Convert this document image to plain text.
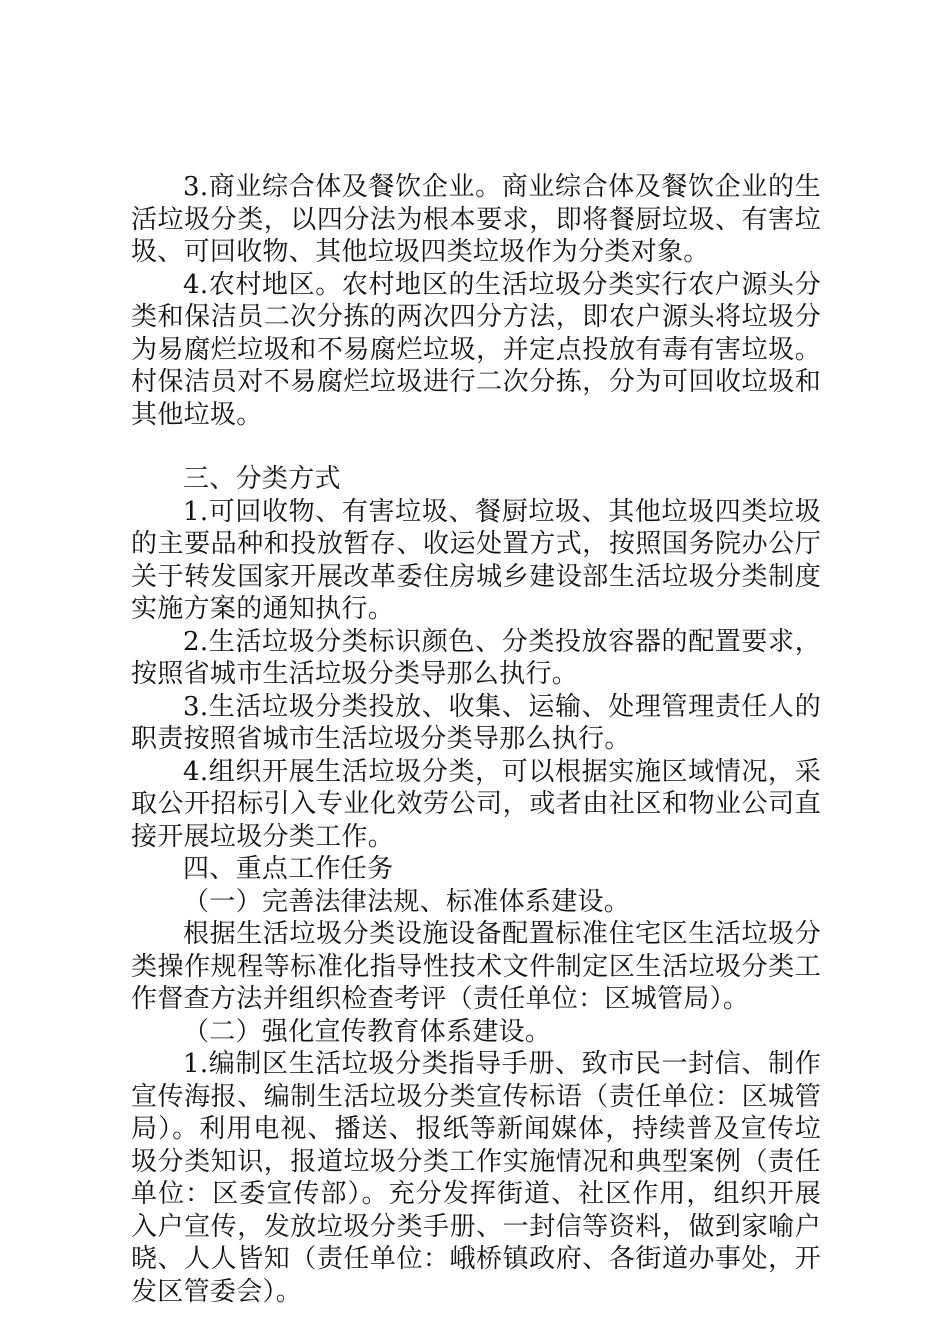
3.商业综合体及餐饮企业。商业综合体及餐饮企业的生活垃圾分类，以四分法为根本要求，即将餐厨垃圾、有害垃圾、可回收物、其他垃圾四类垃圾作为分类对象。

4.农村地区。农村地区的生活垃圾分类实行农户源头分类和保洁员二次分拣的两次四分方法，即农户源头将垃圾分为易腐烂垃圾和不易腐烂垃圾，并定点投放有毒有害垃圾。村保洁员对不易腐烂垃圾进行二次分拣，分为可回收垃圾和其他垃圾。

三、分类方式

1.可回收物、有害垃圾、餐厨垃圾、其他垃圾四类垃圾的主要品种和投放暂存、收运处置方式，按照国务院办公厅关于转发国家开展改革委住房城乡建设部生活垃圾分类制度实施方案的通知执行。

2.生活垃圾分类标识颜色、分类投放容器的配置要求，按照省城市生活垃圾分类导那么执行。

3.生活垃圾分类投放、收集、运输、处理管理责任人的职责按照省城市生活垃圾分类导那么执行。

4.组织开展生活垃圾分类，可以根据实施区域情况，采取公开招标引入专业化效劳公司，或者由社区和物业公司直接开展垃圾分类工作。

四、重点工作任务

（一）完善法律法规、标准体系建设。

根据生活垃圾分类设施设备配置标准住宅区生活垃圾分类操作规程等标准化指导性技术文件制定区生活垃圾分类工作督查方法并组织检查考评（责任单位：区城管局）。

（二）强化宣传教育体系建设。

1.编制区生活垃圾分类指导手册、致市民一封信、制作宣传海报、编制生活垃圾分类宣传标语（责任单位：区城管局）。利用电视、播送、报纸等新闻媒体，持续普及宣传垃圾分类知识，报道垃圾分类工作实施情况和典型案例（责任单位：区委宣传部）。充分发挥街道、社区作用，组织开展入户宣传，发放垃圾分类手册、一封信等资料，做到家喻户晓、人人皆知（责任单位：峨桥镇政府、各街道办事处，开发区管委会）。
